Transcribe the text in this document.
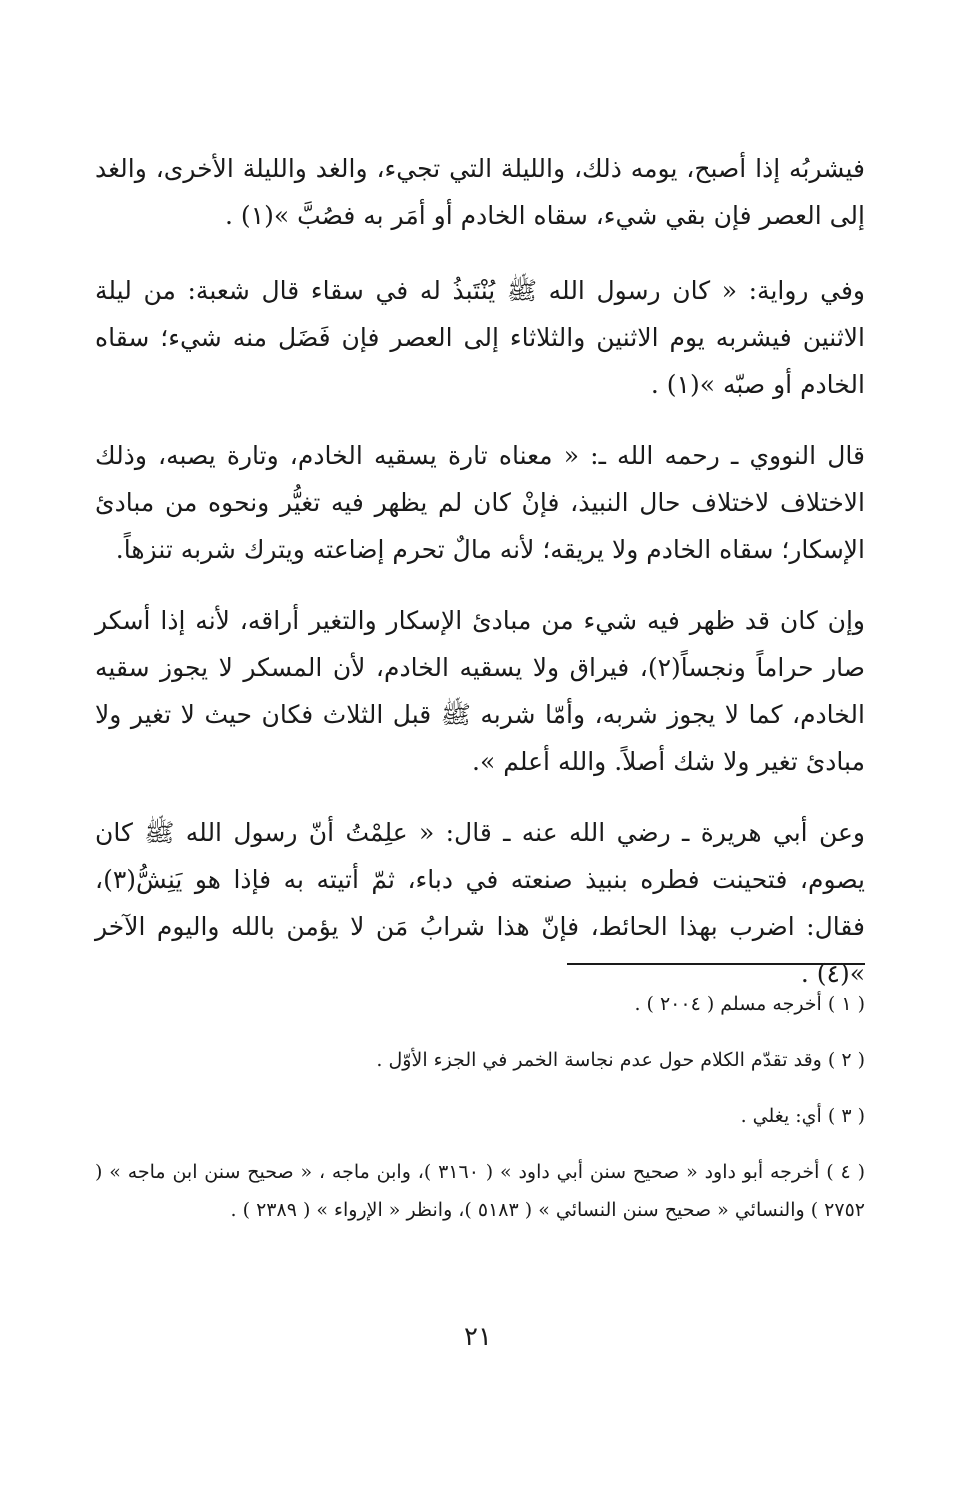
فيشربُه إذا أصبح، يومه ذلك، والليلة التي تجيء، والغد والليلة الأخرى، والغد إلى العصر فإن بقي شيء، سقاه الخادم أو أمَر به فصُبَّ »(١) .

وفي رواية: « كان رسول الله ﷺ يُنْتَبذُ له في سقاء قال شعبة: من ليلة الاثنين فيشربه يوم الاثنين والثلاثاء إلى العصر فإن فَضَل منه شيء؛ سقاه الخادم أو صبّه »(١) .

قال النووي ـ رحمه الله ـ: « معناه تارة يسقيه الخادم، وتارة يصبه، وذلك الاختلاف لاختلاف حال النبيذ، فإنْ كان لم يظهر فيه تغيُّر ونحوه من مبادئ الإسكار؛ سقاه الخادم ولا يريقه؛ لأنه مالٌ تحرم إضاعته ويترك شربه تنزهاً.

وإن كان قد ظهر فيه شيء من مبادئ الإسكار والتغير أراقه، لأنه إذا أسكر صار حراماً ونجساً(٢)، فيراق ولا يسقيه الخادم، لأن المسكر لا يجوز سقيه الخادم، كما لا يجوز شربه، وأمّا شربه ﷺ قبل الثلاث فكان حيث لا تغير ولا مبادئ تغير ولا شك أصلاً. والله أعلم ».

وعن أبي هريرة ـ رضي الله عنه ـ قال: « علِمْتُ أنّ رسول الله ﷺ كان يصوم، فتحينت فطره بنبيذ صنعته في دباء، ثمّ أتيته به فإذا هو يَنِشُّ(٣)، فقال: اضرب بهذا الحائط، فإنّ هذا شرابُ مَن لا يؤمن بالله واليوم الآخر »(٤) .

( ١ ) أخرجه مسلم ( ٢٠٠٤ ) .

( ٢ ) وقد تقدّم الكلام حول عدم نجاسة الخمر في الجزء الأوّل .

( ٣ ) أي: يغلي .

( ٤ ) أخرجه أبو داود « صحيح سنن أبي داود » ( ٣١٦٠ )، وابن ماجه ، « صحيح سنن ابن ماجه » ( ٢٧٥٢ ) والنسائي « صحيح سنن النسائي » ( ٥١٨٣ )، وانظر « الإرواء » ( ٢٣٨٩ ) .

٢١
